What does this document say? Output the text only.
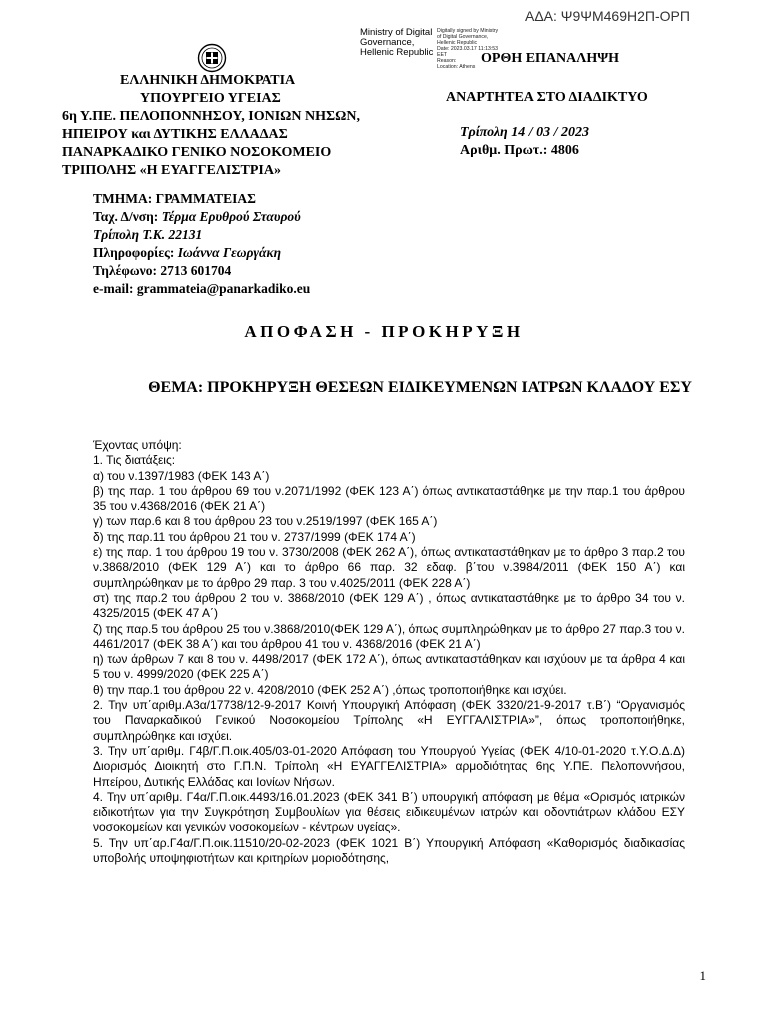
ΑΔΑ: Ψ9ΨΜ469Η2Π-ΟΡΠ
Ministry of Digital
Governance,
Hellenic Republic
Digitally signed by Ministry
of Digital Governance,
Hellenic Republic
Date: 2023.03.17 11:13:53
EET
Reason:
Location: Athens
ΟΡΘΗ ΕΠΑΝΑΛΗΨΗ
ΕΛΛΗΝΙΚΗ ΔΗΜΟΚΡΑΤΙΑ
ΥΠΟΥΡΓΕΙΟ ΥΓΕΙΑΣ
6η Υ.ΠΕ. ΠΕΛΟΠΟΝΝΗΣΟΥ, ΙΟΝΙΩΝ ΝΗΣΩΝ,
ΗΠΕΙΡΟΥ και ΔΥΤΙΚΗΣ ΕΛΛΑΔΑΣ
ΠΑΝΑΡΚΑΔΙΚΟ ΓΕΝΙΚΟ ΝΟΣΟΚΟΜΕΙΟ
ΤΡΙΠΟΛΗΣ «Η ΕΥΑΓΓΕΛΙΣΤΡΙΑ»
ΑΝΑΡΤΗΤΕΑ ΣΤΟ ΔΙΑΔΙΚΤΥΟ
Τρίπολη 14 / 03 / 2023
Αριθμ. Πρωτ.: 4806
ΤΜΗΜΑ: ΓΡΑΜΜΑΤΕΙΑΣ
Ταχ. Δ/νση: Τέρμα Ερυθρού Σταυρού
Τρίπολη Τ.Κ. 22131
Πληροφορίες: Ιωάννα Γεωργάκη
Τηλέφωνο: 2713 601704
e-mail: grammateia@panarkadiko.eu
ΑΠΟΦΑΣΗ - ΠΡΟΚΗΡΥΞΗ
ΘΕΜΑ: ΠΡΟΚΗΡΥΞΗ ΘΕΣΕΩΝ ΕΙΔΙΚΕΥΜΕΝΩΝ ΙΑΤΡΩΝ ΚΛΑΔΟΥ ΕΣΥ

Έχοντας υπόψη:

1. Τις διατάξεις:

α) του ν.1397/1983 (ΦΕΚ 143 Α΄)

β) της παρ. 1 του άρθρου 69 του ν.2071/1992 (ΦΕΚ 123 Α΄) όπως αντικαταστάθηκε με την παρ.1 του άρθρου 35 του ν.4368/2016 (ΦΕΚ 21 Α΄)

γ) των παρ.6 και 8 του άρθρου 23 του ν.2519/1997 (ΦΕΚ 165 Α΄)

δ) της παρ.11 του άρθρου 21 του ν. 2737/1999 (ΦΕΚ 174 Α΄)

ε) της παρ. 1 του άρθρου 19 του ν. 3730/2008 (ΦΕΚ 262 Α΄), όπως αντικαταστάθηκαν με το άρθρο 3 παρ.2 του ν.3868/2010 (ΦΕΚ 129 Α΄) και το άρθρο 66 παρ. 32 εδαφ. β΄του ν.3984/2011 (ΦΕΚ 150 Α΄) και συμπληρώθηκαν με το άρθρο 29 παρ. 3 του ν.4025/2011 (ΦΕΚ 228 Α΄)

στ) της παρ.2 του άρθρου 2 του ν. 3868/2010 (ΦΕΚ 129 Α΄) , όπως αντικαταστάθηκε με το άρθρο 34 του ν. 4325/2015 (ΦΕΚ 47 Α΄)

ζ) της παρ.5 του άρθρου 25 του ν.3868/2010(ΦΕΚ 129 Α΄), όπως συμπληρώθηκαν με το άρθρο 27 παρ.3 του ν. 4461/2017 (ΦΕΚ 38 Α΄) και του άρθρου 41 του ν. 4368/2016 (ΦΕΚ 21 Α΄)

η) των άρθρων 7 και 8 του ν. 4498/2017 (ΦΕΚ 172 Α΄), όπως αντικαταστάθηκαν και ισχύουν με τα άρθρα 4 και 5 του ν. 4999/2020 (ΦΕΚ 225 Α΄)

θ) την παρ.1 του άρθρου 22 ν. 4208/2010 (ΦΕΚ 252 Α΄) ,όπως τροποποιήθηκε και ισχύει.

2. Την υπ΄αριθμ.Α3α/17738/12-9-2017 Κοινή Υπουργική Απόφαση (ΦΕΚ 3320/21-9-2017 τ.Β΄) “Οργανισμός του Παναρκαδικού Γενικού Νοσοκομείου Τρίπολης «Η ΕΥΓΓΑΛΙΣΤΡΙΑ»”, όπως τροποποιήθηκε, συμπληρώθηκε και ισχύει.

3. Την υπ΄αριθμ. Γ4β/Γ.Π.οικ.405/03-01-2020 Απόφαση του Υπουργού Υγείας (ΦΕΚ 4/10-01-2020 τ.Υ.Ο.Δ.Δ) Διορισμός Διοικητή στο Γ.Π.Ν. Τρίπολη «Η ΕΥΑΓΓΕΛΙΣΤΡΙΑ» αρμοδιότητας 6ης Υ.ΠΕ. Πελοποννήσου, Ηπείρου, Δυτικής Ελλάδας και Ιονίων Νήσων.

4. Την υπ΄αριθμ. Γ4α/Γ.Π.οικ.4493/16.01.2023 (ΦΕΚ 341 Β΄) υπουργική απόφαση με θέμα «Ορισμός ιατρικών ειδικοτήτων για την Συγκρότηση Συμβουλίων για θέσεις ειδικευμένων ιατρών και οδοντιάτρων κλάδου ΕΣΥ νοσοκομείων και γενικών νοσοκομείων - κέντρων υγείας».

5. Την υπ΄αρ.Γ4α/Γ.Π.οικ.11510/20-02-2023 (ΦΕΚ 1021 Β΄) Υπουργική Απόφαση «Καθορισμός διαδικασίας υποβολής υποψηφιοτήτων και κριτηρίων μοριοδότησης,

1
